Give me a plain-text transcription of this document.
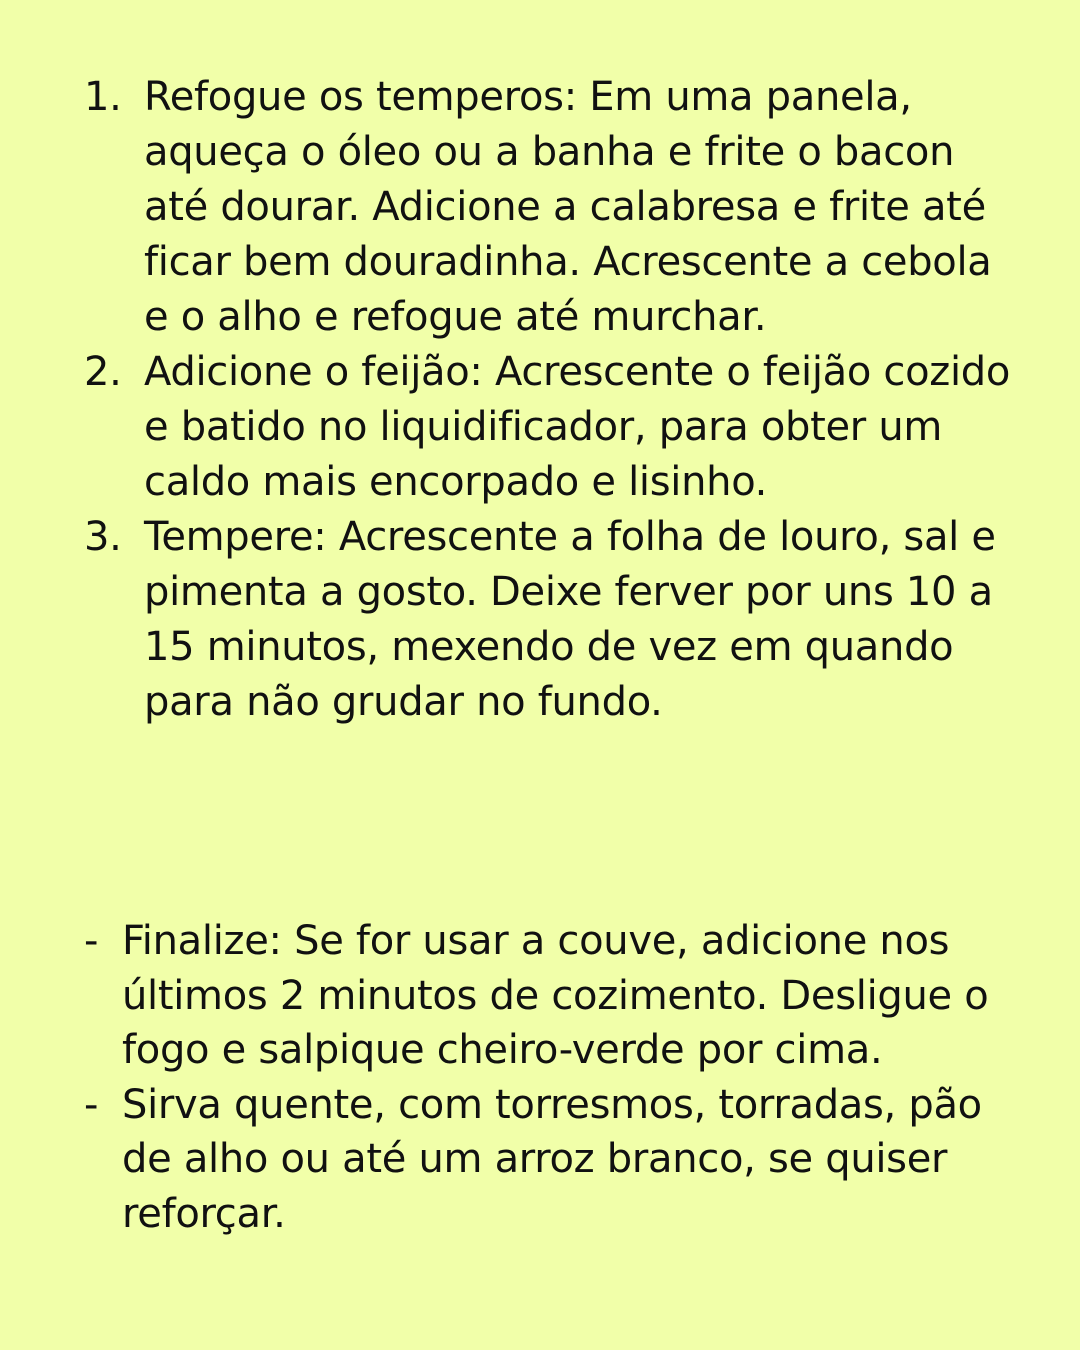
1. Refogue os temperos: Em uma panela, aqueça o óleo ou a banha e frite o bacon até dourar. Adicione a calabresa e frite até ficar bem douradinha. Acrescente a cebola e o alho e refogue até murchar.
2. Adicione o feijão: Acrescente o feijão cozido e batido no liquidificador, para obter um caldo mais encorpado e lisinho.
3. Tempere: Acrescente a folha de louro, sal e pimenta a gosto. Deixe ferver por uns 10 a 15 minutos, mexendo de vez em quando para não grudar no fundo.
- Finalize: Se for usar a couve, adicione nos últimos 2 minutos de cozimento. Desligue o fogo e salpique cheiro-verde por cima.
- Sirva quente, com torresmos, torradas, pão de alho ou até um arroz branco, se quiser reforçar.
